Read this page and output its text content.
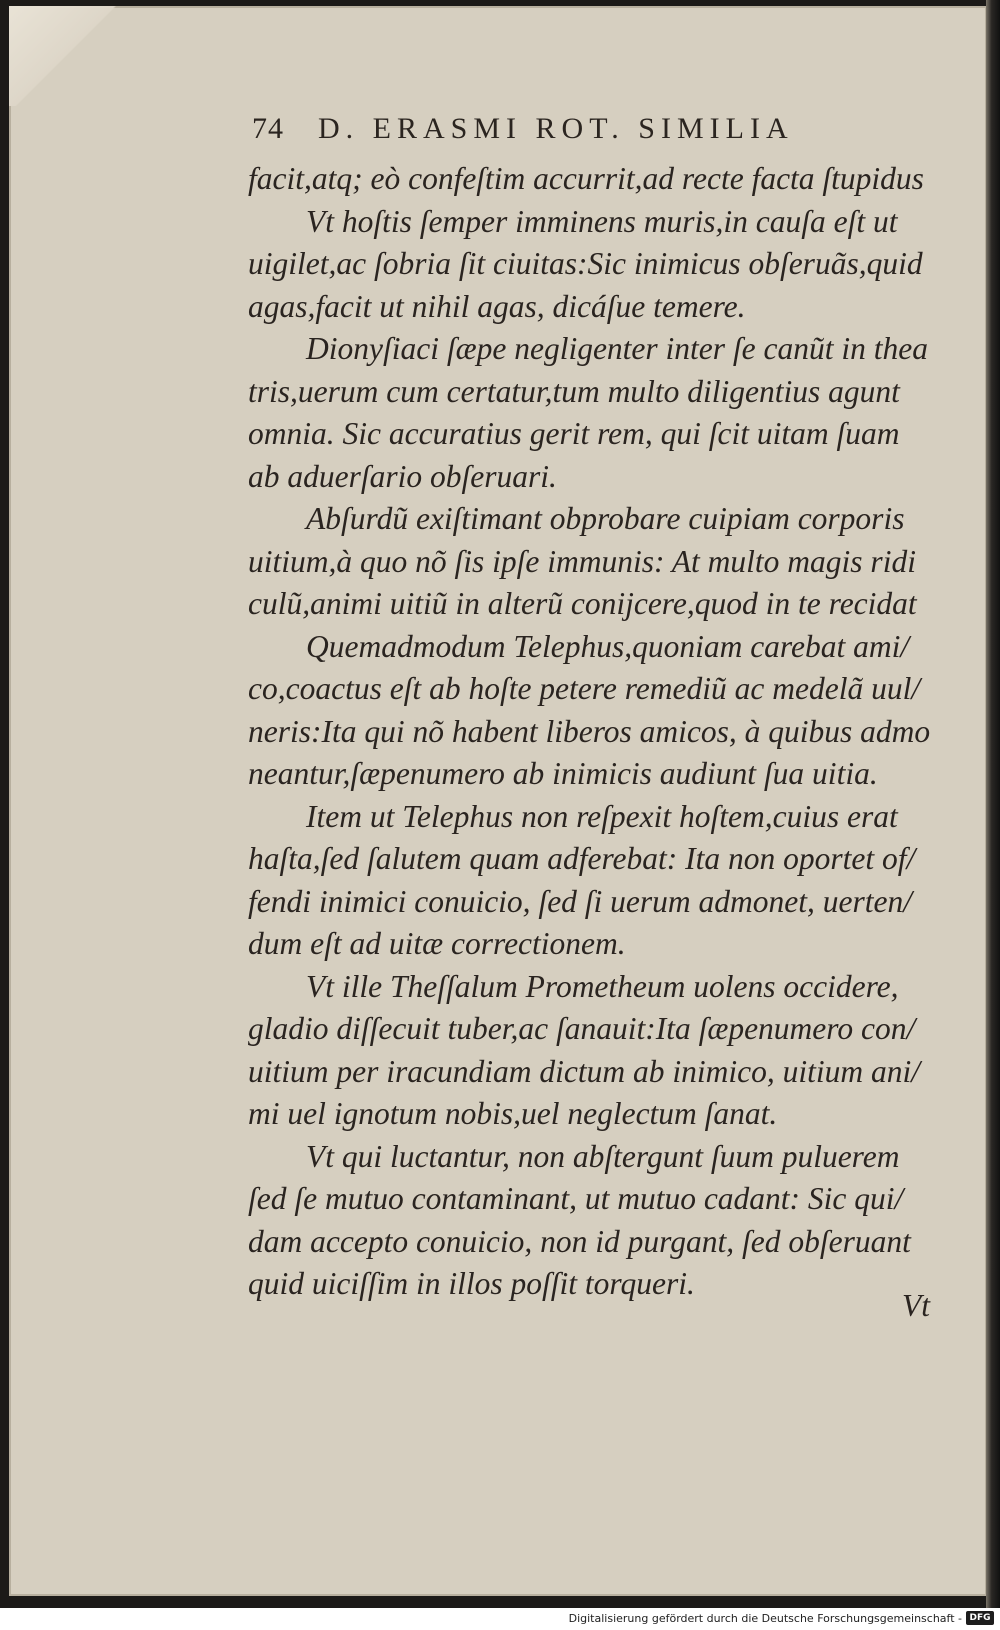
74 D. ERASMI ROT. SIMILIA
facit,atq; eò confeſtim accurrit,ad recte facta ſtupidus
Vt hoſtis ſemper imminens muris,in cauſa eſt ut
uigilet,ac ſobria ſit ciuitas:Sic inimicus obſeruãs,quid
agas,facit ut nihil agas, dicáſue temere.
Dionyſiaci ſæpe negligenter inter ſe canũt in thea
tris,uerum cum certatur,tum multo diligentius agunt
omnia. Sic accuratius gerit rem, qui ſcit uitam ſuam
ab aduerſario obſeruari.
Abſurdũ exiſtimant obprobare cuipiam corporis
uitium,à quo nõ ſis ipſe immunis: At multo magis ridi
culũ,animi uitiũ in alterũ conijcere,quod in te recidat
Quemadmodum Telephus,quoniam carebat ami/
co,coactus eſt ab hoſte petere remediũ ac medelã uul/
neris:Ita qui nõ habent liberos amicos, à quibus admo
neantur,ſæpenumero ab inimicis audiunt ſua uitia.
Item ut Telephus non reſpexit hoſtem,cuius erat
haſta,ſed ſalutem quam adferebat: Ita non oportet of/
fendi inimici conuicio, ſed ſi uerum admonet, uerten/
dum eſt ad uitæ correctionem.
Vt ille Theſſalum Prometheum uolens occidere,
gladio diſſecuit tuber,ac ſanauit:Ita ſæpenumero con/
uitium per iracundiam dictum ab inimico, uitium ani/
mi uel ignotum nobis,uel neglectum ſanat.
Vt qui luctantur, non abſtergunt ſuum puluerem
ſed ſe mutuo contaminant, ut mutuo cadant: Sic qui/
dam accepto conuicio, non id purgant, ſed obſeruant
quid uiciſſim in illos poſſit torqueri.
Vt
Digitalisierung gefördert durch die Deutsche Forschungsgemeinschaft - DFG
